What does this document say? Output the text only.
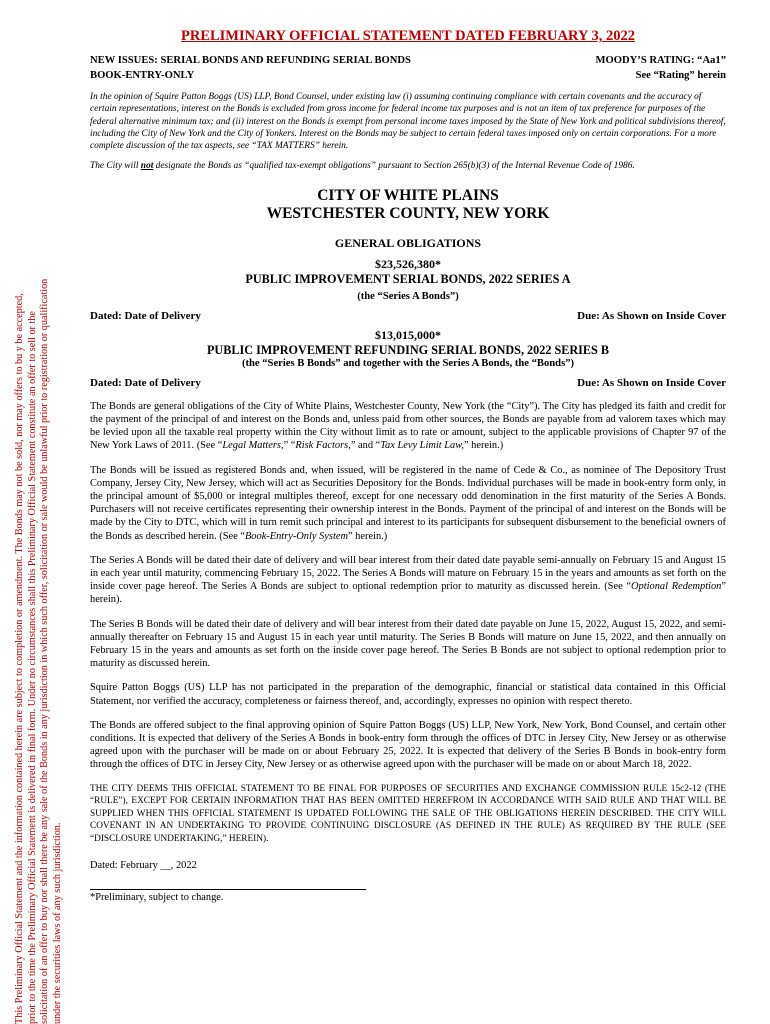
This Preliminary Official Statement and the information contained herein are subject to completion or amendment. The Bonds may not be sold, nor may offers to bu y be accepted, prior to the time the Preliminary Official Statement is delivered in final form. Under no circumstances shall this Preliminary Official Statement constitute an offer to sell or the solicitation of an offer to buy nor shall there be any sale of the Bonds in any jurisdiction in which such offer, solicitation or sale would be unlawful prior to registration or qualification under the securities laws of any such jurisdiction.
PRELIMINARY OFFICIAL STATEMENT DATED FEBRUARY 3, 2022
NEW ISSUES: SERIAL BONDS AND REFUNDING SERIAL BONDS	MOODY’S RATING: “Aa1”
BOOK-ENTRY-ONLY	See “Rating” herein
In the opinion of Squire Patton Boggs (US) LLP, Bond Counsel, under existing law (i) assuming continuing compliance with certain covenants and the accuracy of certain representations, interest on the Bonds is excluded from gross income for federal income tax purposes and is not an item of tax preference for purposes of the federal alternative minimum tax; and (ii) interest on the Bonds is exempt from personal income taxes imposed by the State of New York and political subdivisions thereof, including the City of New York and the City of Yonkers. Interest on the Bonds may be subject to certain federal taxes imposed only on certain corporations. For a more complete discussion of the tax aspects, see “TAX MATTERS” herein.
The City will not designate the Bonds as “qualified tax-exempt obligations” pursuant to Section 265(b)(3) of the Internal Revenue Code of 1986.
CITY OF WHITE PLAINS
WESTCHESTER COUNTY, NEW YORK
GENERAL OBLIGATIONS
$23,526,380*
PUBLIC IMPROVEMENT SERIAL BONDS, 2022 SERIES A
(the “Series A Bonds”)
Dated: Date of Delivery	Due: As Shown on Inside Cover
$13,015,000*
PUBLIC IMPROVEMENT REFUNDING SERIAL BONDS, 2022 SERIES B
(the “Series B Bonds” and together with the Series A Bonds, the “Bonds”)
Dated: Date of Delivery	Due: As Shown on Inside Cover
The Bonds are general obligations of the City of White Plains, Westchester County, New York (the “City”). The City has pledged its faith and credit for the payment of the principal of and interest on the Bonds and, unless paid from other sources, the Bonds are payable from ad valorem taxes which may be levied upon all the taxable real property within the City without limit as to rate or amount, subject to the applicable provisions of Chapter 97 of the New York Laws of 2011. (See “Legal Matters,” “Risk Factors,” and “Tax Levy Limit Law,” herein.)
The Bonds will be issued as registered Bonds and, when issued, will be registered in the name of Cede & Co., as nominee of The Depository Trust Company, Jersey City, New Jersey, which will act as Securities Depository for the Bonds. Individual purchases will be made in book-entry form only, in the principal amount of $5,000 or integral multiples thereof, except for one necessary odd denomination in the first maturity of the Series A Bonds. Purchasers will not receive certificates representing their ownership interest in the Bonds. Payment of the principal of and interest on the Bonds will be made by the City to DTC, which will in turn remit such principal and interest to its participants for subsequent disbursement to the beneficial owners of the Bonds as described herein. (See “Book-Entry-Only System” herein.)
The Series A Bonds will be dated their date of delivery and will bear interest from their dated date payable semi-annually on February 15 and August 15 in each year until maturity, commencing February 15, 2022. The Series A Bonds will mature on February 15 in the years and amounts as set forth on the inside cover page hereof. The Series A Bonds are subject to optional redemption prior to maturity as discussed herein. (See “Optional Redemption” herein).
The Series B Bonds will be dated their date of delivery and will bear interest from their dated date payable on June 15, 2022, August 15, 2022, and semi-annually thereafter on February 15 and August 15 in each year until maturity. The Series B Bonds will mature on June 15, 2022, and then annually on February 15 in the years and amounts as set forth on the inside cover page hereof. The Series B Bonds are not subject to optional redemption prior to maturity as discussed herein.
Squire Patton Boggs (US) LLP has not participated in the preparation of the demographic, financial or statistical data contained in this Official Statement, nor verified the accuracy, completeness or fairness thereof, and, accordingly, expresses no opinion with respect thereto.
The Bonds are offered subject to the final approving opinion of Squire Patton Boggs (US) LLP, New York, New York, Bond Counsel, and certain other conditions. It is expected that delivery of the Series A Bonds in book-entry form through the offices of DTC in Jersey City, New Jersey or as otherwise agreed upon with the purchaser will be made on or about February 25, 2022. It is expected that delivery of the Series B Bonds in book-entry form through the offices of DTC in Jersey City, New Jersey or as otherwise agreed upon with the purchaser will be made on or about March 18, 2022.
THE CITY DEEMS THIS OFFICIAL STATEMENT TO BE FINAL FOR PURPOSES OF SECURITIES AND EXCHANGE COMMISSION RULE 15c2-12 (THE “RULE”), EXCEPT FOR CERTAIN INFORMATION THAT HAS BEEN OMITTED HEREFROM IN ACCORDANCE WITH SAID RULE AND THAT WILL BE SUPPLIED WHEN THIS OFFICIAL STATEMENT IS UPDATED FOLLOWING THE SALE OF THE OBLIGATIONS HEREIN DESCRIBED. THE CITY WILL COVENANT IN AN UNDERTAKING TO PROVIDE CONTINUING DISCLOSURE (AS DEFINED IN THE RULE) AS REQUIRED BY THE RULE (SEE “DISCLOSURE UNDERTAKING,” HEREIN).
Dated: February __, 2022
*Preliminary, subject to change.
